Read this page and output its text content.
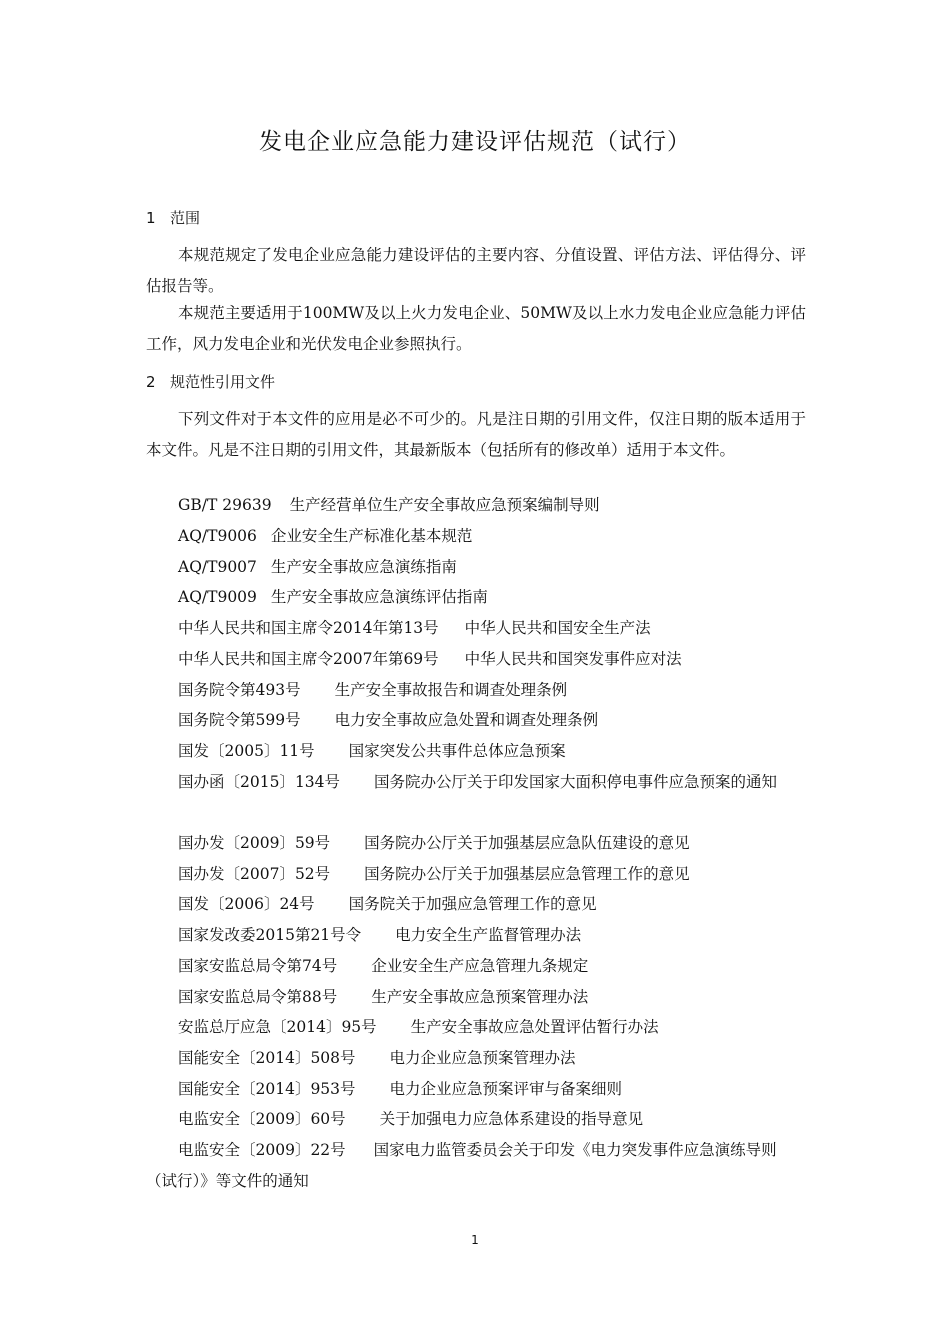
发电企业应急能力建设评估规范（试行）
1 范围
本规范规定了发电企业应急能力建设评估的主要内容、分值设置、评估方法、评估得分、评估报告等。
本规范主要适用于100MW及以上火力发电企业、50MW及以上水力发电企业应急能力评估工作，风力发电企业和光伏发电企业参照执行。
2 规范性引用文件
下列文件对于本文件的应用是必不可少的。凡是注日期的引用文件，仅注日期的版本适用于本文件。凡是不注日期的引用文件，其最新版本（包括所有的修改单）适用于本文件。
GB/T 29639 生产经营单位生产安全事故应急预案编制导则
AQ/T9006 企业安全生产标准化基本规范
AQ/T9007 生产安全事故应急演练指南
AQ/T9009 生产安全事故应急演练评估指南
中华人民共和国主席令2014年第13号 中华人民共和国安全生产法
中华人民共和国主席令2007年第69号 中华人民共和国突发事件应对法
国务院令第493号 生产安全事故报告和调查处理条例
国务院令第599号 电力安全事故应急处置和调查处理条例
国发〔2005〕11号 国家突发公共事件总体应急预案
国办函〔2015〕134号 国务院办公厅关于印发国家大面积停电事件应急预案的通知
国办发〔2009〕59号 国务院办公厅关于加强基层应急队伍建设的意见
国办发〔2007〕52号 国务院办公厅关于加强基层应急管理工作的意见
国发〔2006〕24号 国务院关于加强应急管理工作的意见
国家发改委2015第21号令 电力安全生产监督管理办法
国家安监总局令第74号 企业安全生产应急管理九条规定
国家安监总局令第88号 生产安全事故应急预案管理办法
安监总厅应急〔2014〕95号 生产安全事故应急处置评估暂行办法
国能安全〔2014〕508号 电力企业应急预案管理办法
国能安全〔2014〕953号 电力企业应急预案评审与备案细则
电监安全〔2009〕60号 关于加强电力应急体系建设的指导意见
电监安全〔2009〕22号 国家电力监管委员会关于印发《电力突发事件应急演练导则（试行）》等文件的通知
1
